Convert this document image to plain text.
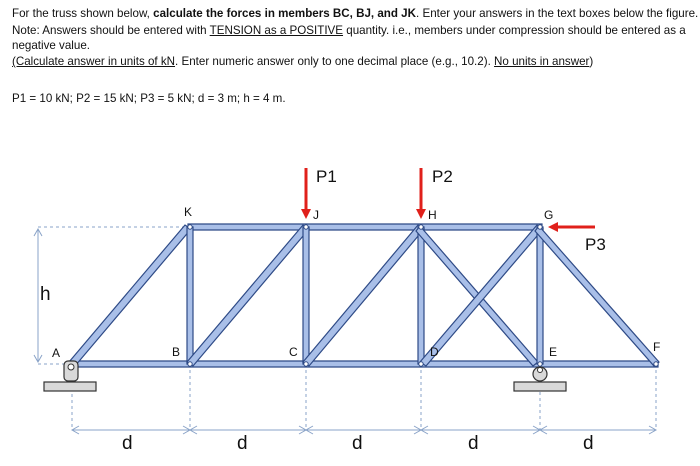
For the truss shown below, calculate the forces in members BC, BJ, and JK. Enter your answers in the text boxes below the figure.
Note: Answers should be entered with TENSION as a POSITIVE quantity. i.e., members under compression should be entered as a
negative value.
(Calculate answer in units of kN. Enter numeric answer only to one decimal place (e.g., 10.2). No units in answer)
P1 = 10 kN; P2 = 15 kN; P3 = 5 kN; d = 3 m; h = 4 m.
P1	P2
P3
A	B	C	D	E	F
G
H
J
K
h
d	d	d	d	d
